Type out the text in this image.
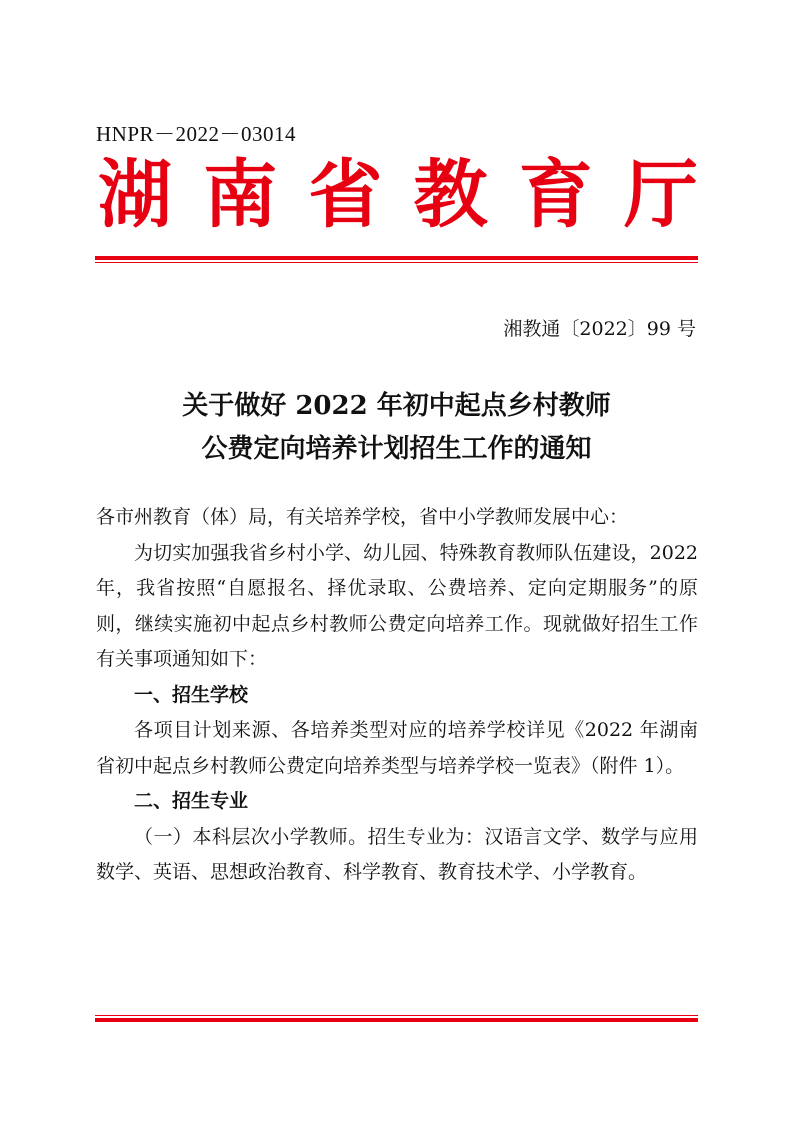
HNPR－2022－03014
湖 南 省 教 育 厅
湘教通〔2022〕99 号
关于做好 2022 年初中起点乡村教师
公费定向培养计划招生工作的通知

各市州教育（体）局，有关培养学校，省中小学教师发展中心：

为切实加强我省乡村小学、幼儿园、特殊教育教师队伍建设，2022 年，我省按照“自愿报名、择优录取、公费培养、定向定期服务”的原则，继续实施初中起点乡村教师公费定向培养工作。现就做好招生工作有关事项通知如下：

一、招生学校

各项目计划来源、各培养类型对应的培养学校详见《2022 年湖南省初中起点乡村教师公费定向培养类型与培养学校一览表》（附件 1）。

二、招生专业

（一）本科层次小学教师。招生专业为：汉语言文学、数学与应用数学、英语、思想政治教育、科学教育、教育技术学、小学教育。
